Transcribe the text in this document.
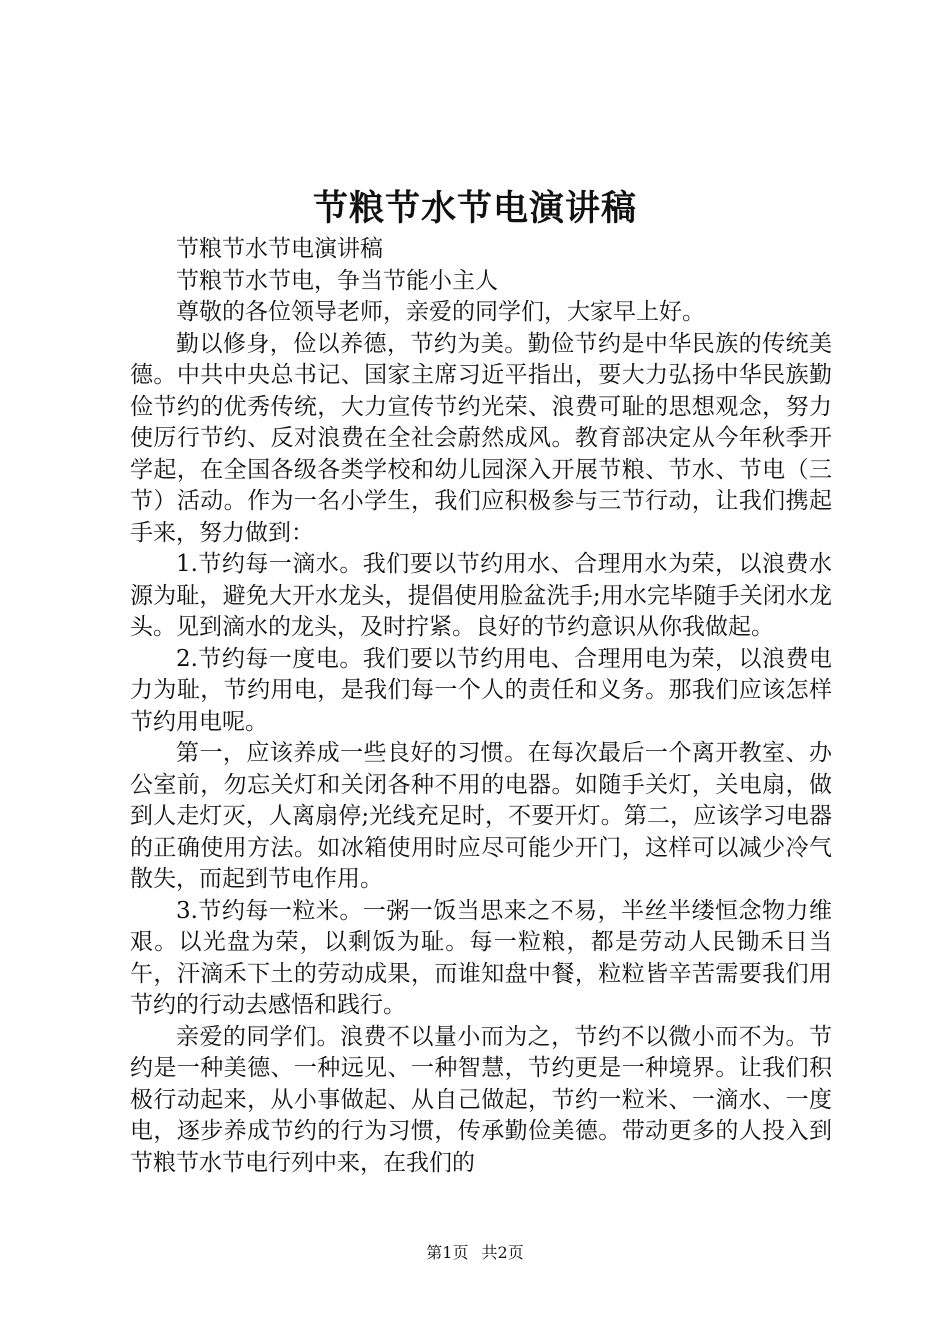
节粮节水节电演讲稿

节粮节水节电演讲稿

节粮节水节电，争当节能小主人

尊敬的各位领导老师，亲爱的同学们，大家早上好。

勤以修身，俭以养德，节约为美。勤俭节约是中华民族的传统美德。中共中央总书记、国家主席习近平指出，要大力弘扬中华民族勤俭节约的优秀传统，大力宣传节约光荣、浪费可耻的思想观念，努力使厉行节约、反对浪费在全社会蔚然成风。教育部决定从今年秋季开学起，在全国各级各类学校和幼儿园深入开展节粮、节水、节电（三节）活动。作为一名小学生，我们应积极参与三节行动，让我们携起手来，努力做到：

1.节约每一滴水。我们要以节约用水、合理用水为荣，以浪费水源为耻，避免大开水龙头，提倡使用脸盆洗手;用水完毕随手关闭水龙头。见到滴水的龙头，及时拧紧。良好的节约意识从你我做起。

2.节约每一度电。我们要以节约用电、合理用电为荣，以浪费电力为耻，节约用电，是我们每一个人的责任和义务。那我们应该怎样节约用电呢。

第一，应该养成一些良好的习惯。在每次最后一个离开教室、办公室前，勿忘关灯和关闭各种不用的电器。如随手关灯，关电扇，做到人走灯灭，人离扇停;光线充足时，不要开灯。第二，应该学习电器的正确使用方法。如冰箱使用时应尽可能少开门，这样可以减少冷气散失，而起到节电作用。

3.节约每一粒米。一粥一饭当思来之不易，半丝半缕恒念物力维艰。以光盘为荣，以剩饭为耻。每一粒粮，都是劳动人民锄禾日当午，汗滴禾下土的劳动成果，而谁知盘中餐，粒粒皆辛苦需要我们用节约的行动去感悟和践行。

亲爱的同学们。浪费不以量小而为之，节约不以微小而不为。节约是一种美德、一种远见、一种智慧，节约更是一种境界。让我们积极行动起来，从小事做起、从自己做起，节约一粒米、一滴水、一度电，逐步养成节约的行为习惯，传承勤俭美德。带动更多的人投入到节粮节水节电行列中来，在我们的

第1页 共2页
